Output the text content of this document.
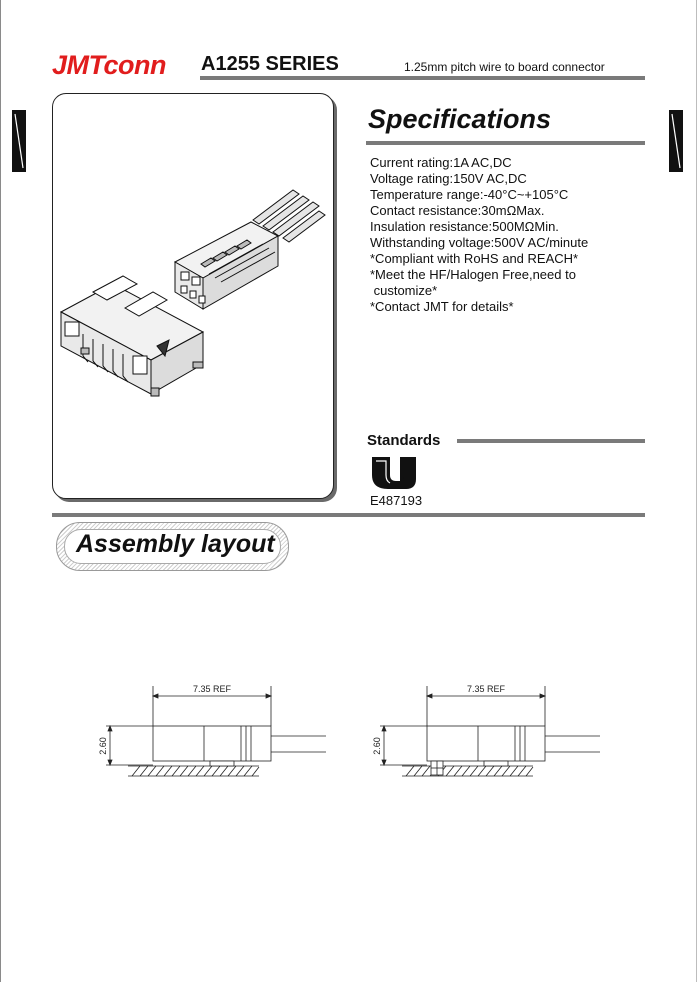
JMTconn A1255 SERIES	1.25mm pitch wire to board connector
Specifications
Current rating:1A AC,DC
Voltage rating:150V AC,DC
Temperature range:-40°C~+105°C
Contact resistance:30mΩMax.
Insulation resistance:500MΩMin.
Withstanding voltage:500V AC/minute
*Compliant with RoHS and REACH*
*Meet the HF/Halogen Free,need to
customize*
*Contact JMT for details*
Standards
E487193
Assembly layout
7.35 REF
2.60
7.35 REF
2.60
